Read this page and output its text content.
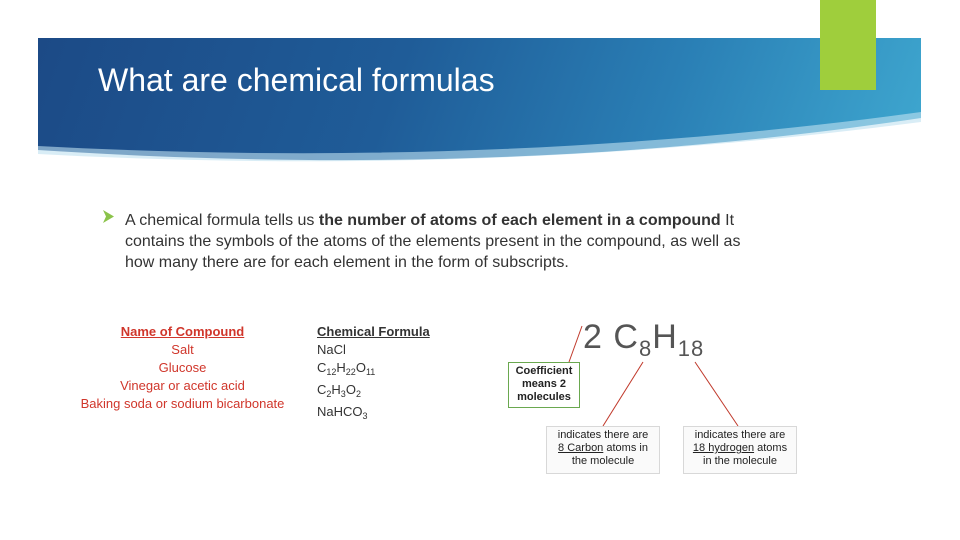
What are chemical formulas
A chemical formula tells us the number of atoms of each element in a compound It contains the symbols of the atoms of the elements present in the compound, as well as how many there are for each element in the form of subscripts.
Name of Compound
Salt
Glucose
Vinegar or acetic acid
Baking soda or sodium bicarbonate
Chemical Formula
NaCl
$C_{12}H_{22}O_{11}$
$C_2H_3O_2$
NaHCO$_3$
2 $C_8H_{18}$
Coefficient means 2 molecules
indicates there are
8 Carbon atoms in
the molecule
indicates there are
18 hydrogen atoms
in the molecule
